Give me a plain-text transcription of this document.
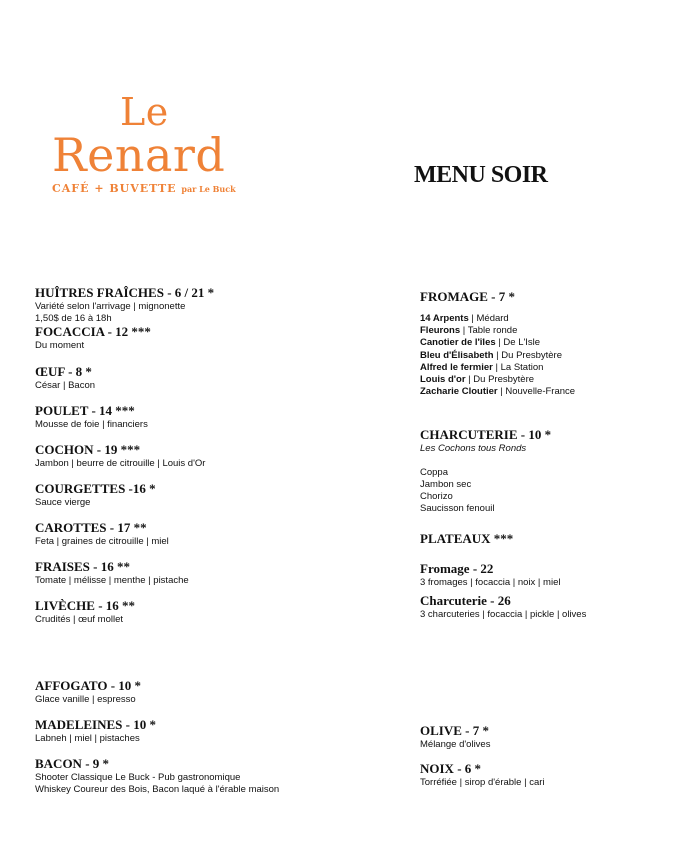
Le
Renard
CAFÉ + BUVETTE par Le Buck
MENU SOIR
HUÎTRES FRAÎCHES - 6 / 21 *
Variété selon l'arrivage | mignonette
1,50$ de 16 à 18h
FOCACCIA - 12 ***
Du moment
ŒUF - 8 *
César | Bacon
POULET - 14 ***
Mousse de foie | financiers
COCHON - 19 ***
Jambon | beurre de citrouille | Louis d'Or
COURGETTES -16 *
Sauce vierge
CAROTTES - 17 **
Feta | graines de citrouille | miel
FRAISES - 16 **
Tomate | mélisse | menthe | pistache
LIVÈCHE - 16 **
Crudités | œuf mollet
AFFOGATO - 10 *
Glace vanille | espresso
MADELEINES - 10 *
Labneh | miel | pistaches
BACON - 9 *
Shooter Classique Le Buck - Pub gastronomique
Whiskey Coureur des Bois, Bacon laqué à l'érable maison
FROMAGE - 7 *
14 Arpents | Médard
Fleurons | Table ronde
Canotier de l'îles | De L'Isle
Bleu d'Élisabeth | Du Presbytère
Alfred le fermier | La Station
Louis d'or | Du Presbytère
Zacharie Cloutier | Nouvelle-France
CHARCUTERIE - 10 *
Les Cochons tous Ronds
Coppa
Jambon sec
Chorizo
Saucisson fenouil
PLATEAUX ***
Fromage - 22
3 fromages | focaccia | noix | miel
Charcuterie - 26
3 charcuteries | focaccia | pickle | olives
OLIVE - 7 *
Mélange d'olives
NOIX - 6 *
Torréfiée | sirop d'érable | cari
